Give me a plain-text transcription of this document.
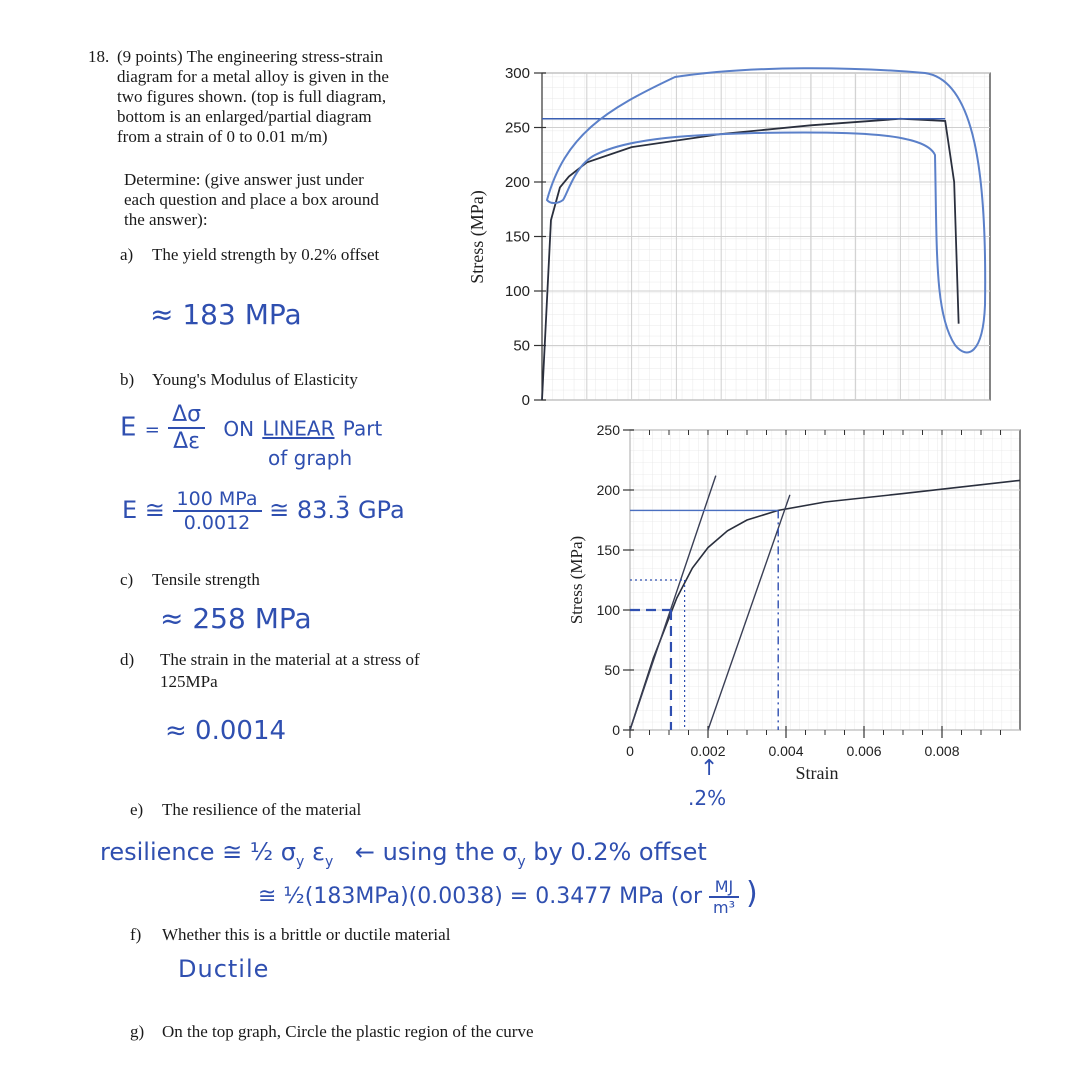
18. (9 points) The engineering stress-strain
diagram for a metal alloy is given in the
two figures shown. (top is full diagram,
bottom is an enlarged/partial diagram
from a strain of 0 to 0.01 m/m)
Determine: (give answer just under
each question and place a box around
the answer):
a) The yield strength by 0.2% offset
≈ 183 MPa
b) Young's Modulus of Elasticity
$E = \frac{\Delta\sigma}{\Delta\varepsilon}$ ON LINEAR Part
of graph
E ≅ $\frac{\text{100 MPa}}{0.0012}$ ≅ 83.3̄ GPa
c) Tensile strength
≈ 258 MPa
d) The strain in the material at a stress of
125MPa
≈ 0.0014
e) The resilience of the material
resilience ≅ ½ $\sigma_y$ $\varepsilon_y$ ← using the $\sigma_y$ by 0.2% offset
≅ ½(183MPa)(0.0038) = 0.3477 MPa ($or \frac{MJ}{\text{m³}}$ )
f) Whether this is a brittle or ductile material
Ductile
g) On the top graph, Circle the plastic region of the curve
0
50
100
150
200
250
300
Stress (MPa)
0
50
100
150
200
250
0	0.002	0.004	0.006	0.008
Stress (MPa)
Strain
↑
.2%
